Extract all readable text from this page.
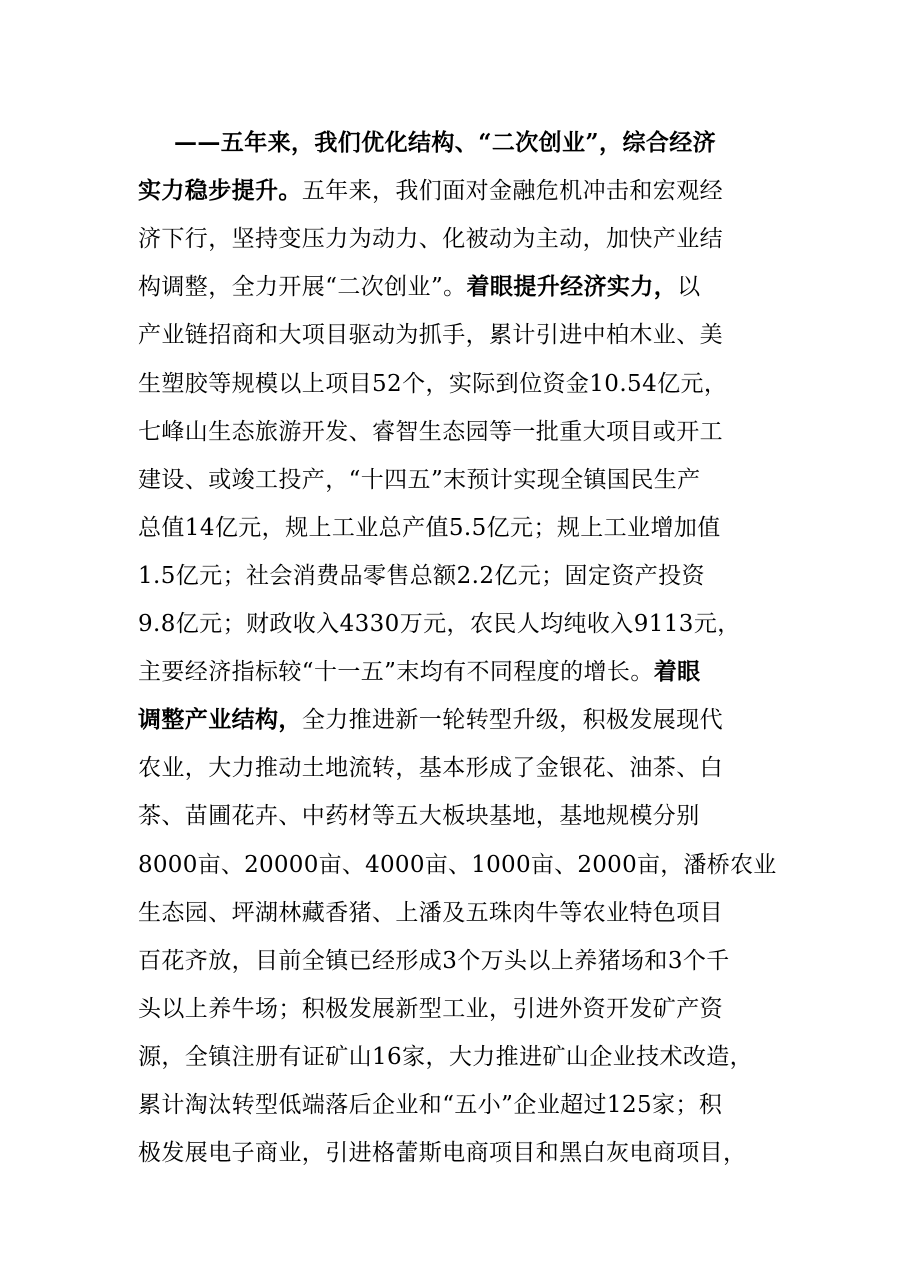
——五年来，我们优化结构、“二次创业”，综合经济
实力稳步提升。五年来，我们面对金融危机冲击和宏观经
济下行，坚持变压力为动力、化被动为主动，加快产业结
构调整，全力开展“二次创业”。着眼提升经济实力，以
产业链招商和大项目驱动为抓手，累计引进中柏木业、美
生塑胶等规模以上项目52个，实际到位资金10.54亿元，
七峰山生态旅游开发、睿智生态园等一批重大项目或开工
建设、或竣工投产，“十四五”末预计实现全镇国民生产
总值14亿元，规上工业总产值5.5亿元；规上工业增加值
1.5亿元；社会消费品零售总额2.2亿元；固定资产投资
9.8亿元；财政收入4330万元，农民人均纯收入9113元，
主要经济指标较“十一五”末均有不同程度的增长。着眼
调整产业结构，全力推进新一轮转型升级，积极发展现代
农业，大力推动土地流转，基本形成了金银花、油茶、白
茶、苗圃花卉、中药材等五大板块基地，基地规模分别
8000亩、20000亩、4000亩、1000亩、2000亩，潘桥农业
生态园、坪湖林藏香猪、上潘及五珠肉牛等农业特色项目
百花齐放，目前全镇已经形成3个万头以上养猪场和3个千
头以上养牛场；积极发展新型工业，引进外资开发矿产资
源，全镇注册有证矿山16家，大力推进矿山企业技术改造，
累计淘汰转型低端落后企业和“五小”企业超过125家；积
极发展电子商业，引进格蕾斯电商项目和黑白灰电商项目，
